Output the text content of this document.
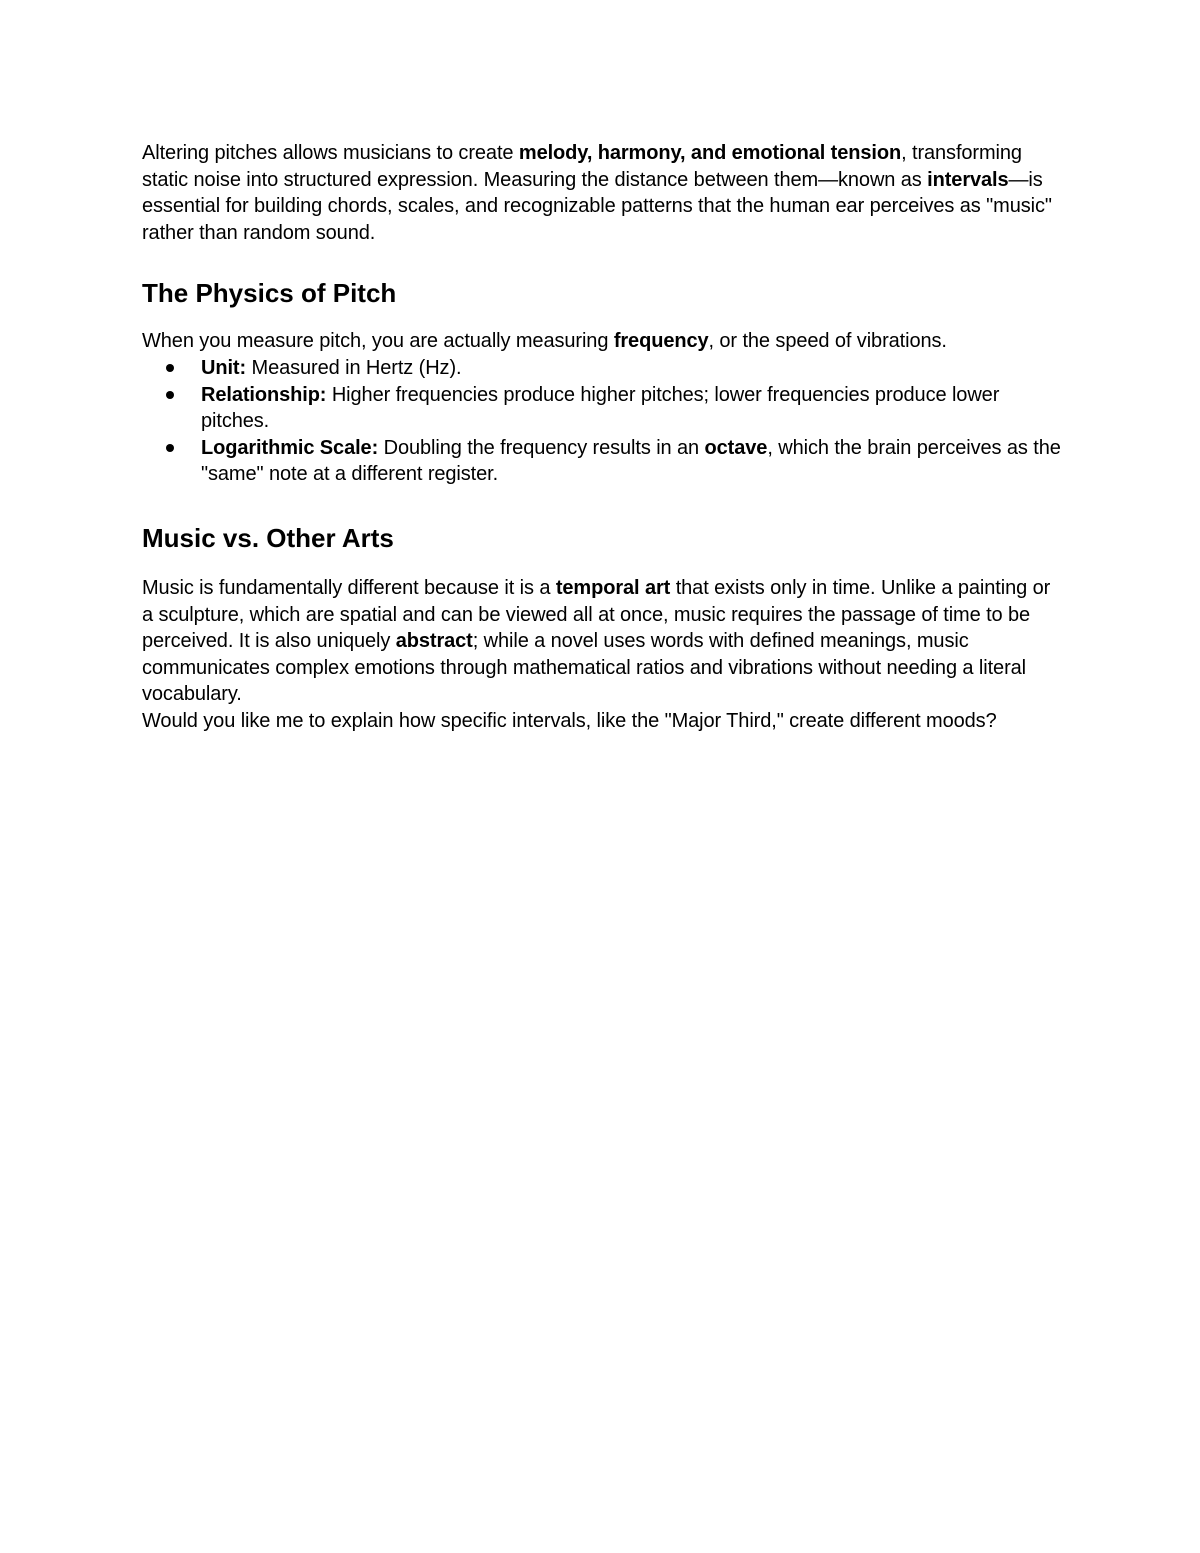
Altering pitches allows musicians to create melody, harmony, and emotional tension, transforming static noise into structured expression. Measuring the distance between them—known as intervals—is essential for building chords, scales, and recognizable patterns that the human ear perceives as "music" rather than random sound.

The Physics of Pitch

When you measure pitch, you are actually measuring frequency, or the speed of vibrations.

Unit: Measured in Hertz (Hz).
Relationship: Higher frequencies produce higher pitches; lower frequencies produce lower pitches.
Logarithmic Scale: Doubling the frequency results in an octave, which the brain perceives as the "same" note at a different register.
Music vs. Other Arts

Music is fundamentally different because it is a temporal art that exists only in time. Unlike a painting or a sculpture, which are spatial and can be viewed all at once, music requires the passage of time to be perceived. It is also uniquely abstract; while a novel uses words with defined meanings, music communicates complex emotions through mathematical ratios and vibrations without needing a literal vocabulary.

Would you like me to explain how specific intervals, like the "Major Third," create different moods?
